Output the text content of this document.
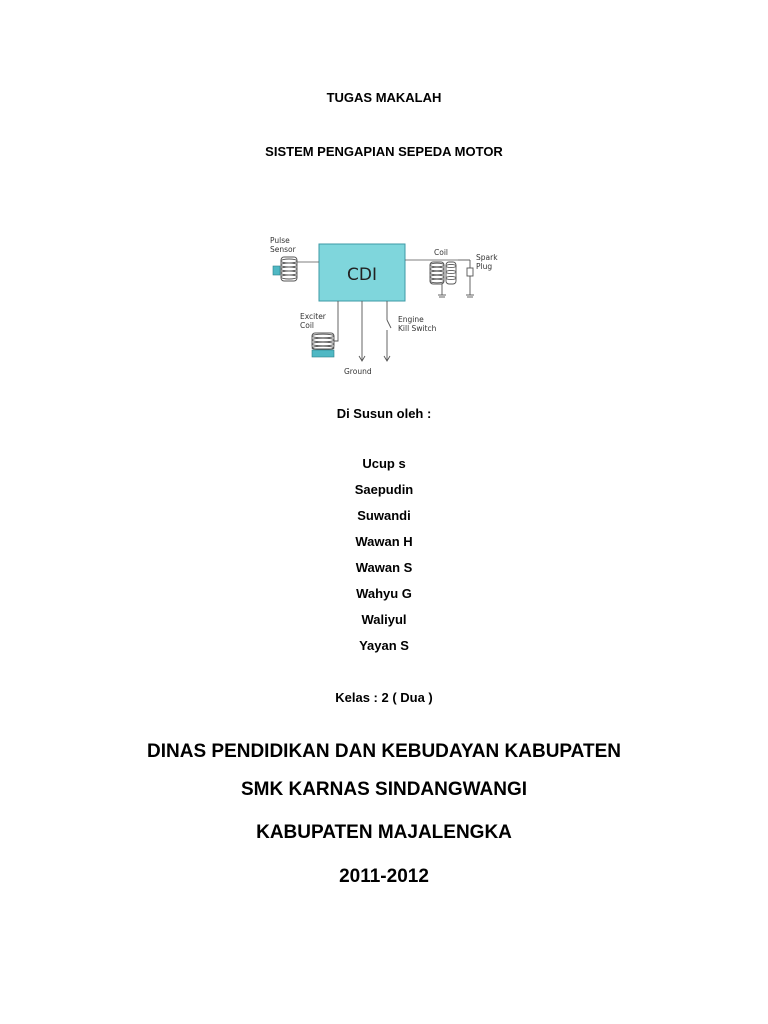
TUGAS MAKALAH
SISTEM PENGAPIAN SEPEDA MOTOR
CDI
Pulse
Sensor	Coil
Spark
Plug
Exciter
Coil
Ground
Engine
Kill Switch
Di Susun oleh :
Ucup s
Saepudin
Suwandi
Wawan H
Wawan S
Wahyu G
Waliyul
Yayan S
Kelas : 2 ( Dua )
DINAS PENDIDIKAN DAN KEBUDAYAN KABUPATEN
SMK KARNAS SINDANGWANGI
KABUPATEN MAJALENGKA
2011-2012
